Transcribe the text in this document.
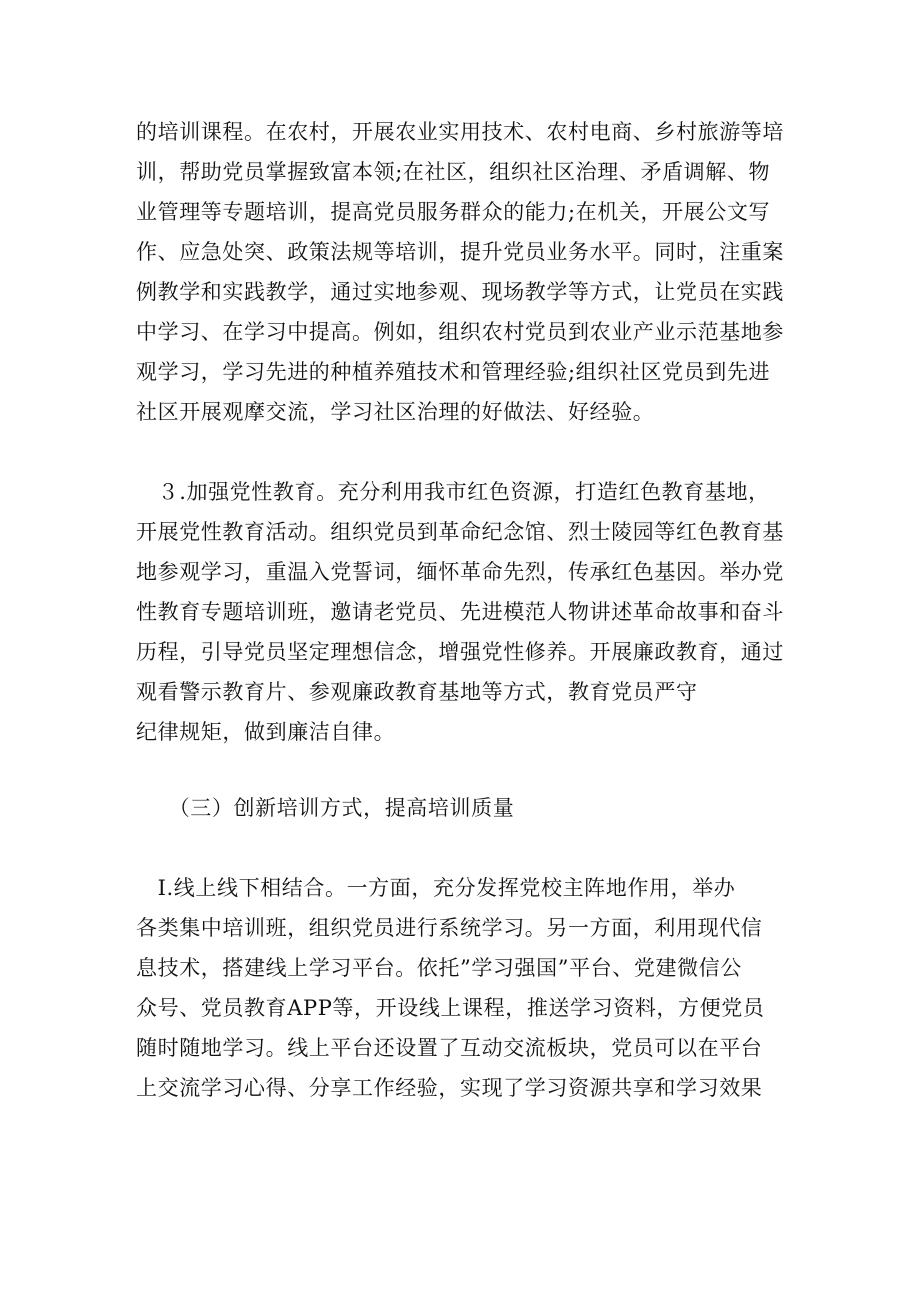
的培训课程。在农村，开展农业实用技术、农村电商、乡村旅游等培
训，帮助党员掌握致富本领;在社区，组织社区治理、矛盾调解、物
业管理等专题培训，提高党员服务群众的能力;在机关，开展公文写
作、应急处突、政策法规等培训，提升党员业务水平。同时，注重案
例教学和实践教学，通过实地参观、现场教学等方式，让党员在实践
中学习、在学习中提高。例如，组织农村党员到农业产业示范基地参
观学习，学习先进的种植养殖技术和管理经验;组织社区党员到先进
社区开展观摩交流，学习社区治理的好做法、好经验。
　３.加强党性教育。充分利用我市红色资源，打造红色教育基地，
开展党性教育活动。组织党员到革命纪念馆、烈士陵园等红色教育基
地参观学习，重温入党誓词，缅怀革命先烈，传承红色基因。举办党
性教育专题培训班，邀请老党员、先进模范人物讲述革命故事和奋斗
历程，引导党员坚定理想信念，增强党性修养。开展廉政教育，通过
观看警示教育片、参观廉政教育基地等方式，教育党员严守
纪律规矩，做到廉洁自律。
　　（三）创新培训方式，提高培训质量
　I.线上线下相结合。一方面，充分发挥党校主阵地作用，举办
各类集中培训班，组织党员进行系统学习。另一方面，利用现代信
息技术，搭建线上学习平台。依托”学习强国”平台、党建微信公
众号、党员教育APP等，开设线上课程，推送学习资料，方便党员
随时随地学习。线上平台还设置了互动交流板块，党员可以在平台
上交流学习心得、分享工作经验，实现了学习资源共享和学习效果
